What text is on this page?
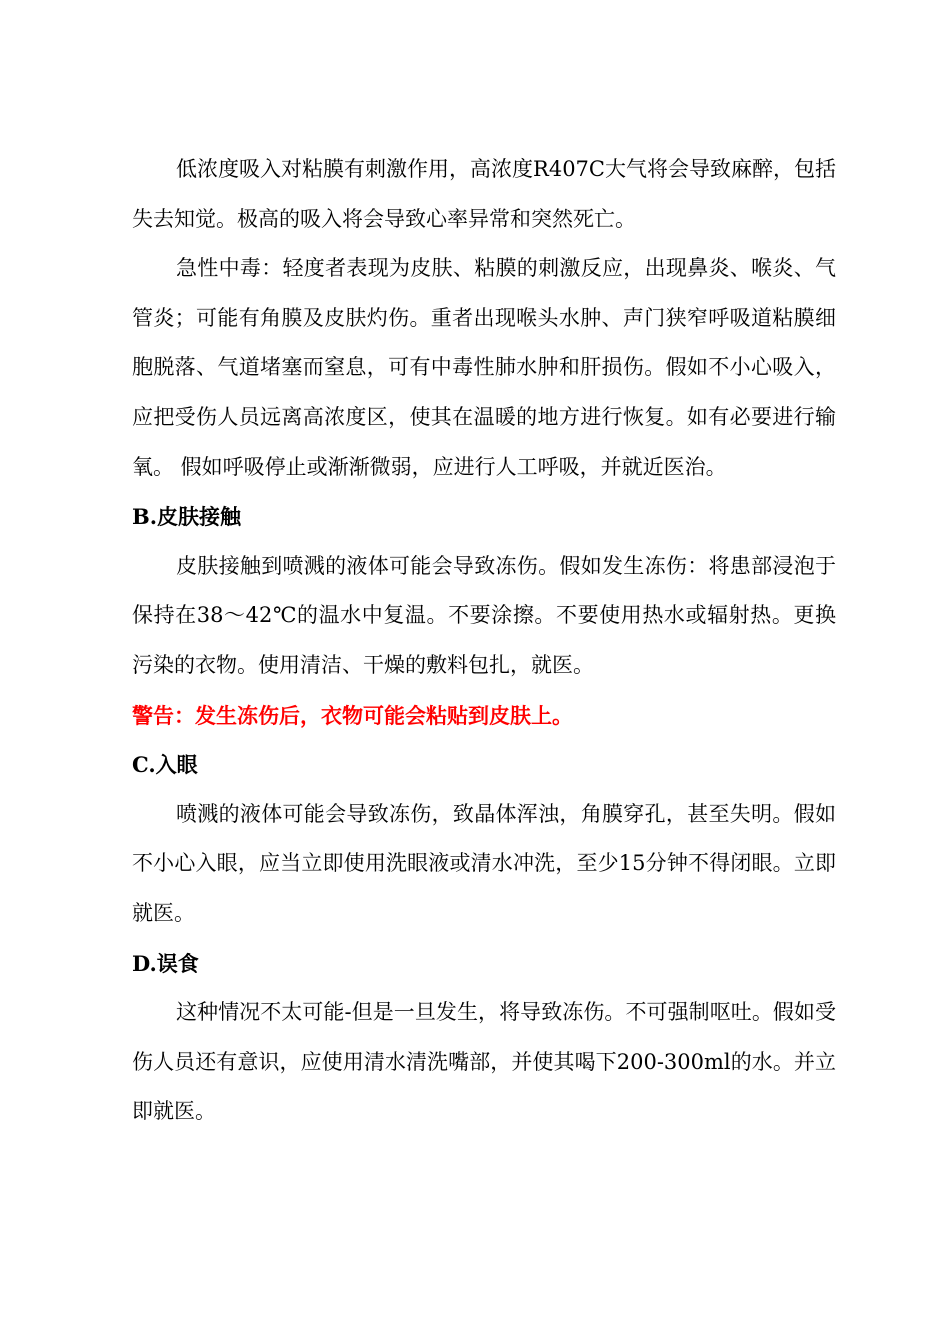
低浓度吸入对粘膜有刺激作用，高浓度R407C大气将会导致麻醉，包括失去知觉。极高的吸入将会导致心率异常和突然死亡。

急性中毒：轻度者表现为皮肤、粘膜的刺激反应，出现鼻炎、喉炎、气管炎；可能有角膜及皮肤灼伤。重者出现喉头水肿、声门狭窄呼吸道粘膜细胞脱落、气道堵塞而窒息，可有中毒性肺水肿和肝损伤。假如不小心吸入，应把受伤人员远离高浓度区，使其在温暖的地方进行恢复。如有必要进行输氧。 假如呼吸停止或渐渐微弱，应进行人工呼吸，并就近医治。

B.皮肤接触

皮肤接触到喷溅的液体可能会导致冻伤。假如发生冻伤：将患部浸泡于保持在38～42℃的温水中复温。不要涂擦。不要使用热水或辐射热。更换污染的衣物。使用清洁、干燥的敷料包扎，就医。

警告：发生冻伤后，衣物可能会粘贴到皮肤上。

C.入眼

喷溅的液体可能会导致冻伤，致晶体浑浊，角膜穿孔，甚至失明。假如不小心入眼，应当立即使用洗眼液或清水冲洗，至少15分钟不得闭眼。立即就医。

D.误食

这种情况不太可能-但是一旦发生，将导致冻伤。不可强制呕吐。假如受伤人员还有意识，应使用清水清洗嘴部，并使其喝下200-300ml的水。并立即就医。
